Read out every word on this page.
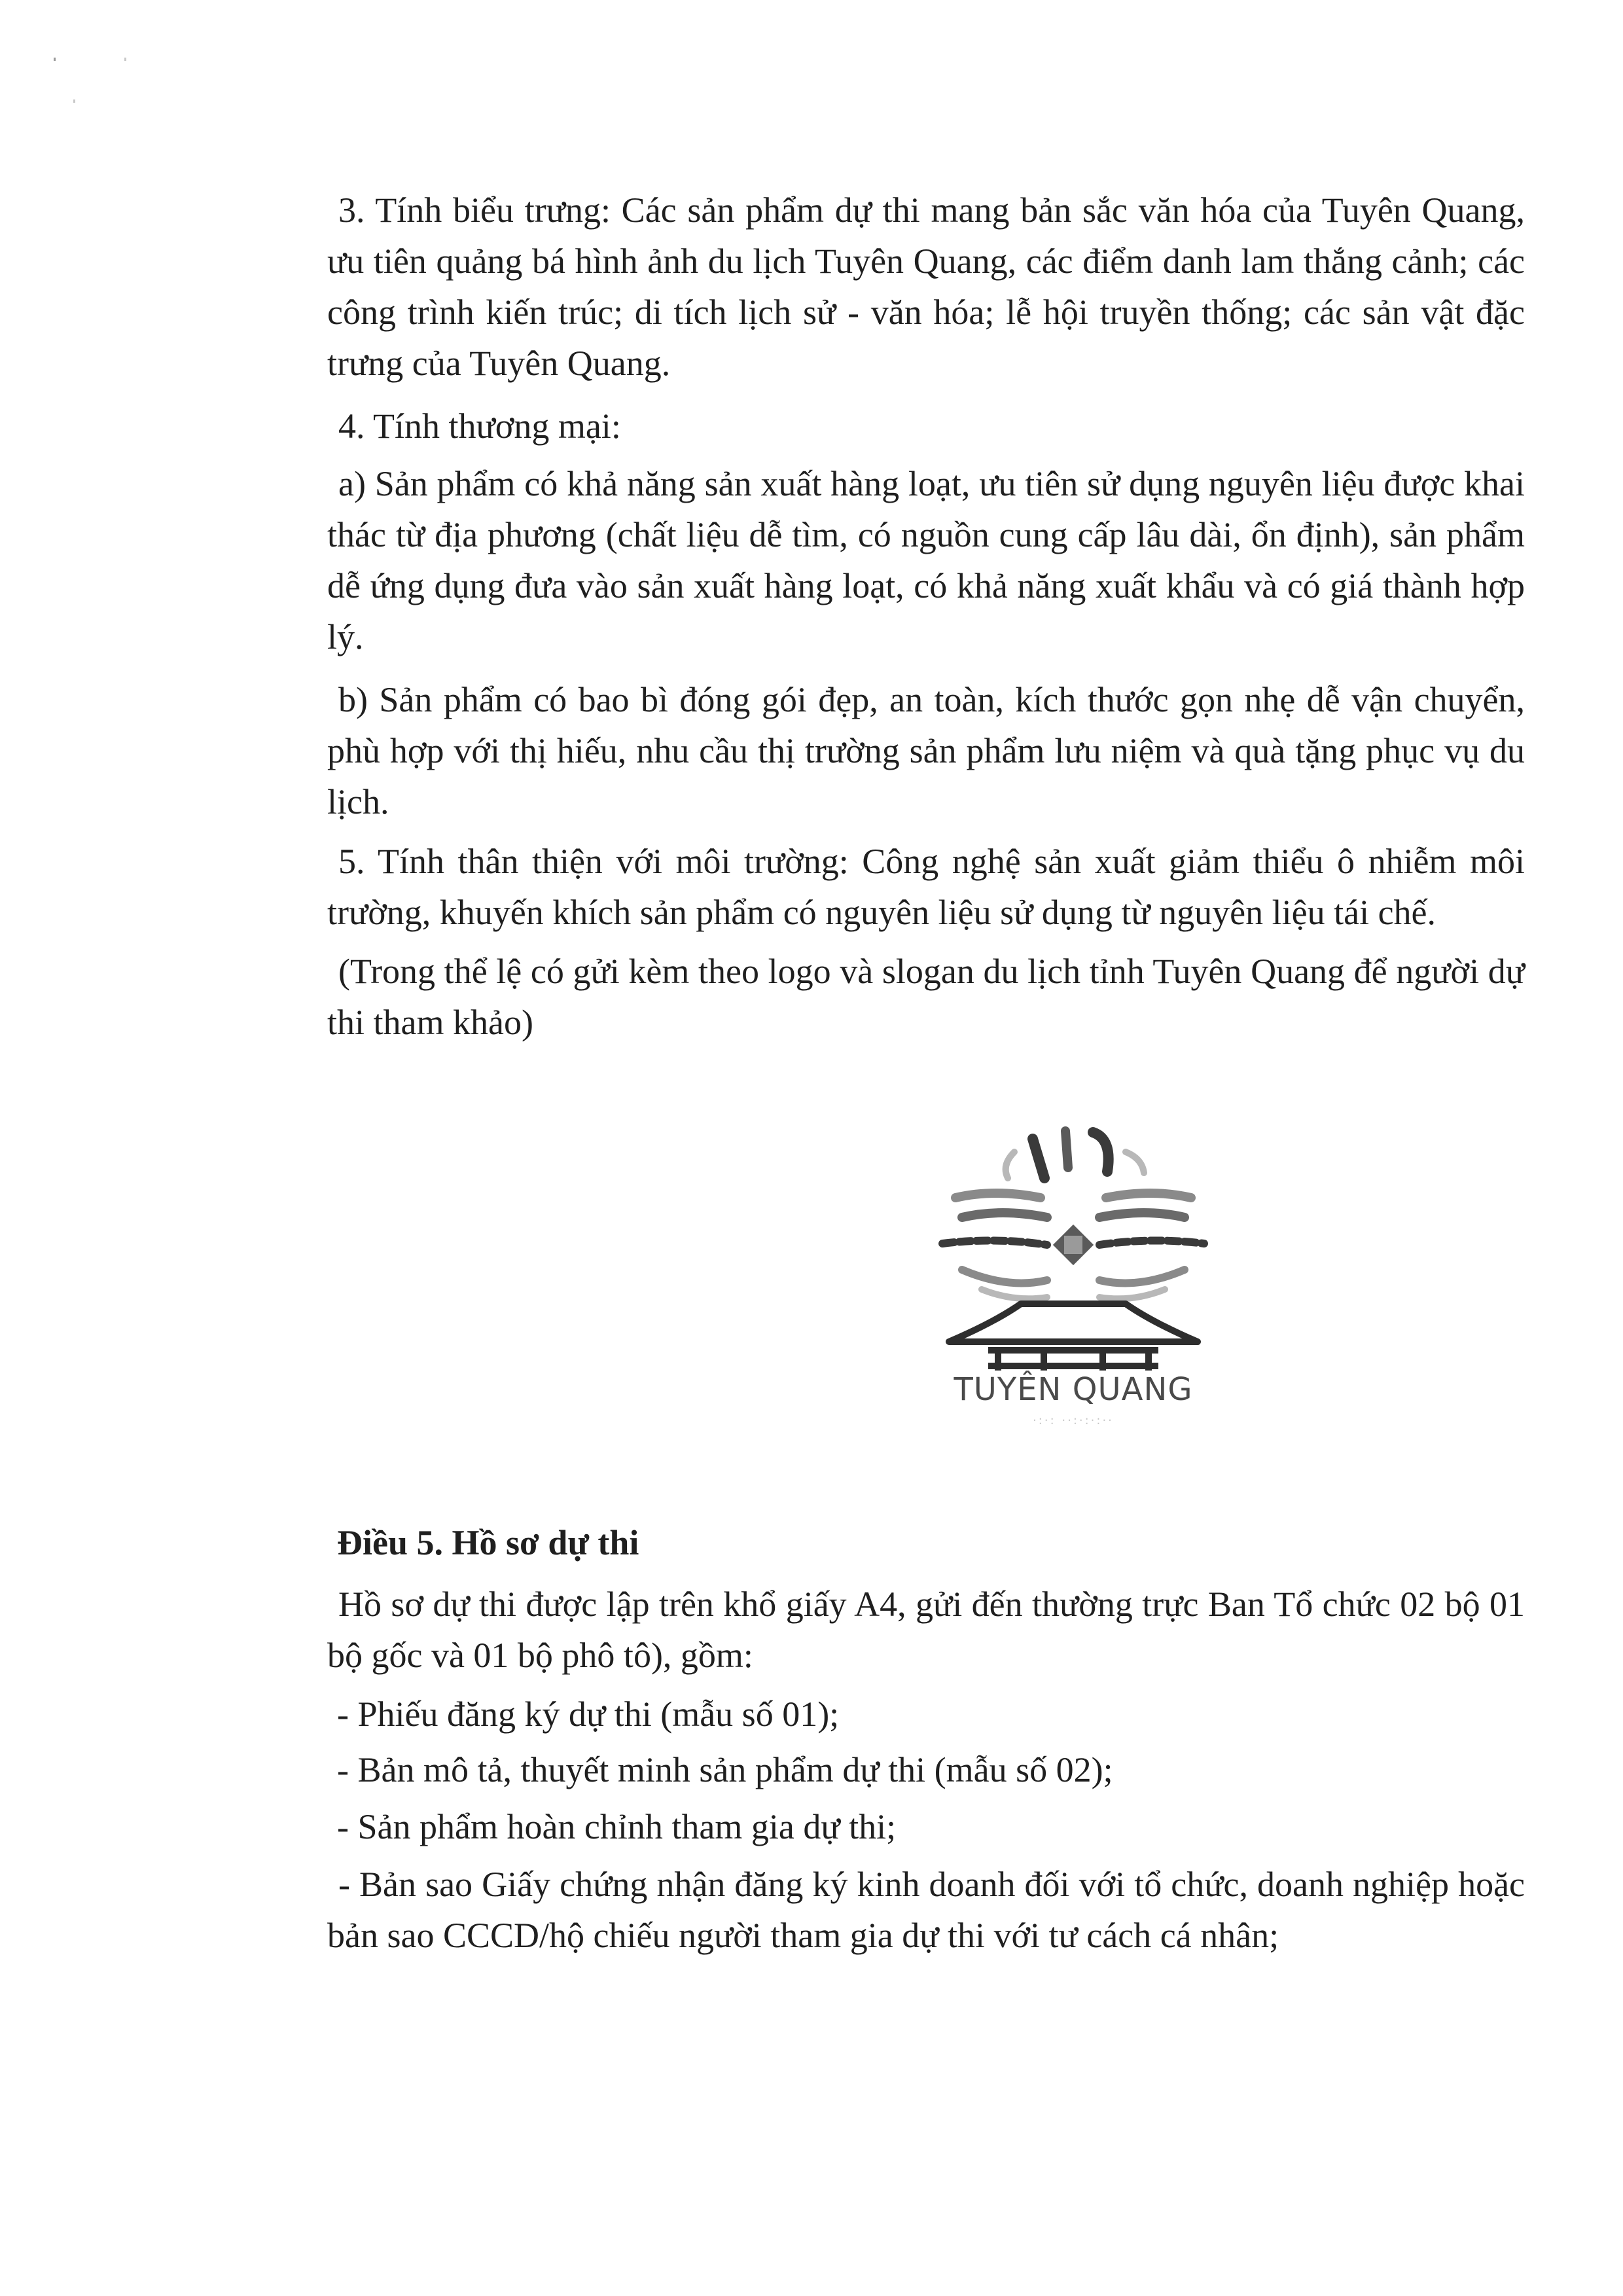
3. Tính biểu trưng: Các sản phẩm dự thi mang bản sắc văn hóa của Tuyên Quang, ưu tiên quảng bá hình ảnh du lịch Tuyên Quang, các điểm danh lam thắng cảnh; các công trình kiến trúc; di tích lịch sử - văn hóa; lễ hội truyền thống; các sản vật đặc trưng của Tuyên Quang.

4. Tính thương mại:

a) Sản phẩm có khả năng sản xuất hàng loạt, ưu tiên sử dụng nguyên liệu được khai thác từ địa phương (chất liệu dễ tìm, có nguồn cung cấp lâu dài, ổn định), sản phẩm dễ ứng dụng đưa vào sản xuất hàng loạt, có khả năng xuất khẩu và có giá thành hợp lý.

b) Sản phẩm có bao bì đóng gói đẹp, an toàn, kích thước gọn nhẹ dễ vận chuyển, phù hợp với thị hiếu, nhu cầu thị trường sản phẩm lưu niệm và quà tặng phục vụ du lịch.

5. Tính thân thiện với môi trường: Công nghệ sản xuất giảm thiểu ô nhiễm môi trường, khuyến khích sản phẩm có nguyên liệu sử dụng từ nguyên liệu tái chế.

(Trong thể lệ có gửi kèm theo logo và slogan du lịch tỉnh Tuyên Quang để người dự thi tham khảo)

TUYÊN QUANG
·:·: ··:·:·:··

Điều 5. Hồ sơ dự thi

Hồ sơ dự thi được lập trên khổ giấy A4, gửi đến thường trực Ban Tổ chức 02 bộ 01 bộ gốc và 01 bộ phô tô), gồm:

- Phiếu đăng ký dự thi (mẫu số 01);

- Bản mô tả, thuyết minh sản phẩm dự thi (mẫu số 02);

- Sản phẩm hoàn chỉnh tham gia dự thi;

- Bản sao Giấy chứng nhận đăng ký kinh doanh đối với tổ chức, doanh nghiệp hoặc bản sao CCCD/hộ chiếu người tham gia dự thi với tư cách cá nhân;
